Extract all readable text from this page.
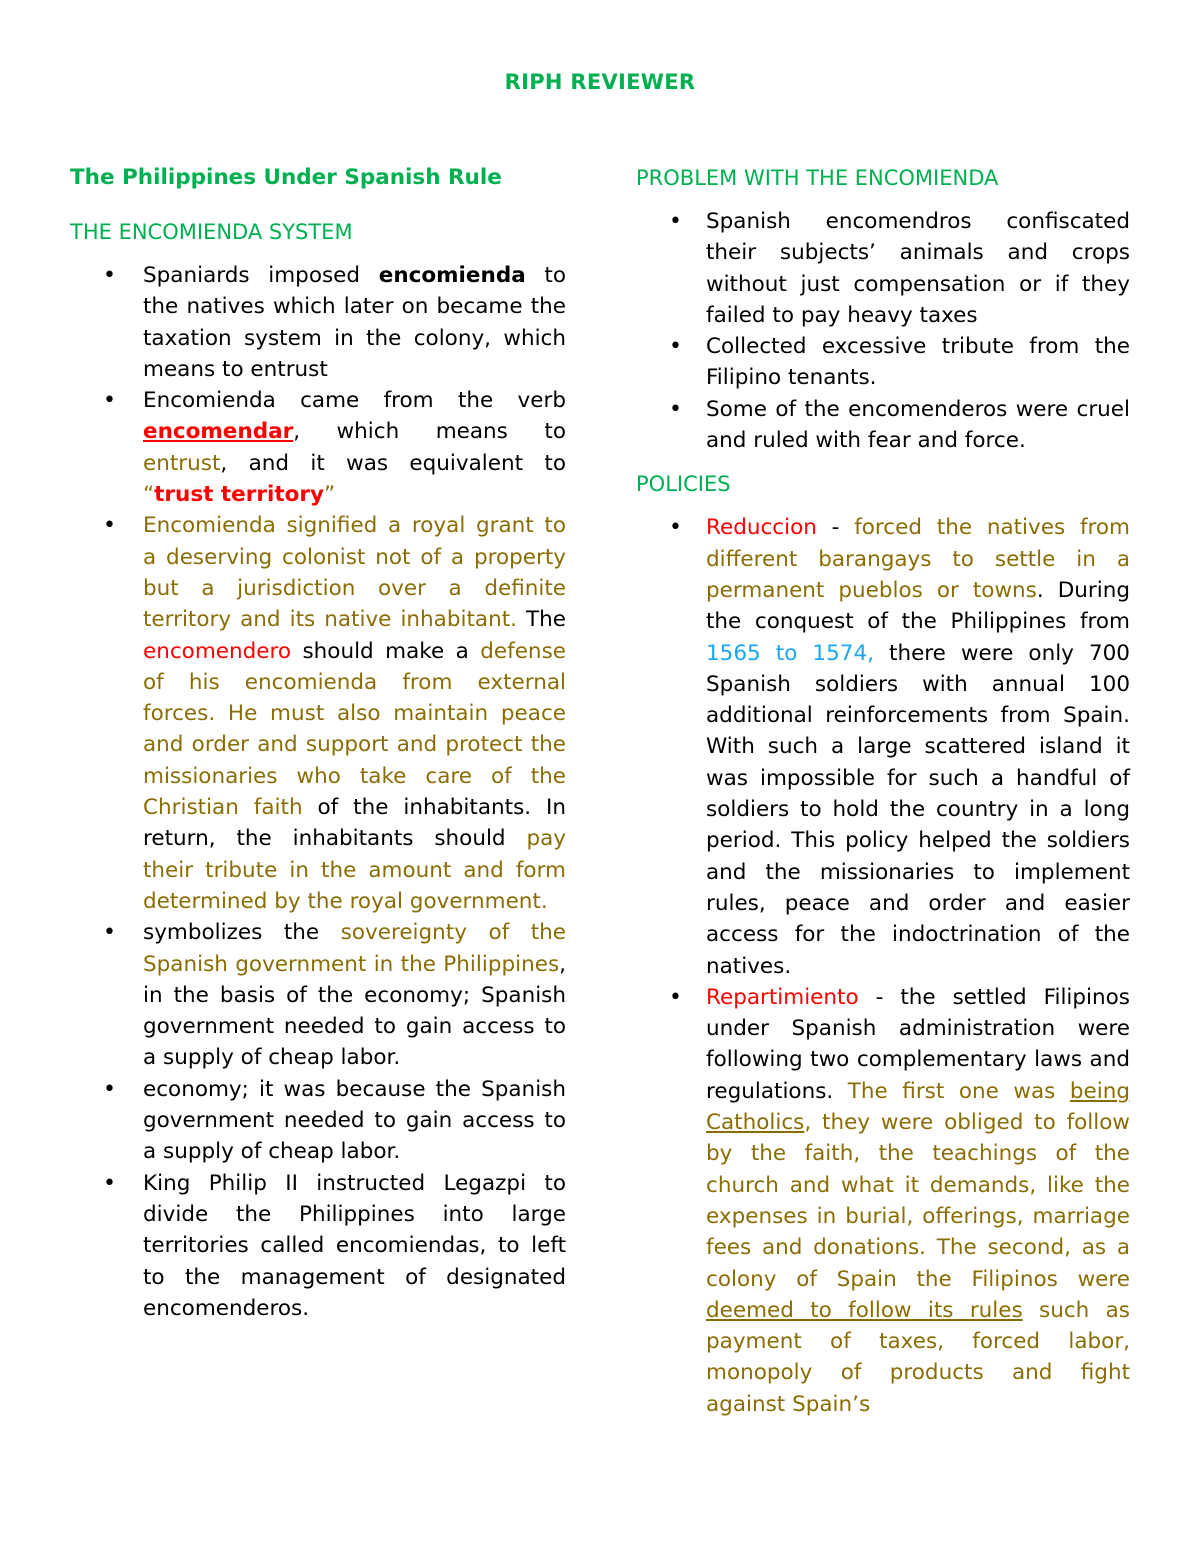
RIPH REVIEWER
The Philippines Under Spanish Rule
THE ENCOMIENDA SYSTEM
• Spaniards imposed encomienda to the natives which later on became the taxation system in the colony, which means to entrust
• Encomienda came from the verb encomendar, which means to entrust, and it was equivalent to “trust territory”
• Encomienda signified a royal grant to a deserving colonist not of a property but a jurisdiction over a definite territory and its native inhabitant. The encomendero should make a defense of his encomienda from external forces. He must also maintain peace and order and support and protect the missionaries who take care of the Christian faith of the inhabitants. In return, the inhabitants should pay their tribute in the amount and form determined by the royal government.
• symbolizes the sovereignty of the Spanish government in the Philippines, in the basis of the economy; Spanish government needed to gain access to a supply of cheap labor.
• economy; it was because the Spanish government needed to gain access to a supply of cheap labor.
• King Philip II instructed Legazpi to divide the Philippines into large territories called encomiendas, to left to the management of designated encomenderos.
PROBLEM WITH THE ENCOMIENDA
• Spanish encomendros confiscated their subjects’ animals and crops without just compensation or if they failed to pay heavy taxes
• Collected excessive tribute from the Filipino tenants.
• Some of the encomenderos were cruel and ruled with fear and force.
POLICIES
• Reduccion - forced the natives from different barangays to settle in a permanent pueblos or towns. During the conquest of the Philippines from 1565 to 1574, there were only 700 Spanish soldiers with annual 100 additional reinforcements from Spain. With such a large scattered island it was impossible for such a handful of soldiers to hold the country in a long period. This policy helped the soldiers and the missionaries to implement rules, peace and order and easier access for the indoctrination of the natives.
• Repartimiento - the settled Filipinos under Spanish administration were following two complementary laws and regulations. The first one was being Catholics, they were obliged to follow by the faith, the teachings of the church and what it demands, like the expenses in burial, offerings, marriage fees and donations. The second, as a colony of Spain the Filipinos were deemed to follow its rules such as payment of taxes, forced labor, monopoly of products and fight against Spain’s
